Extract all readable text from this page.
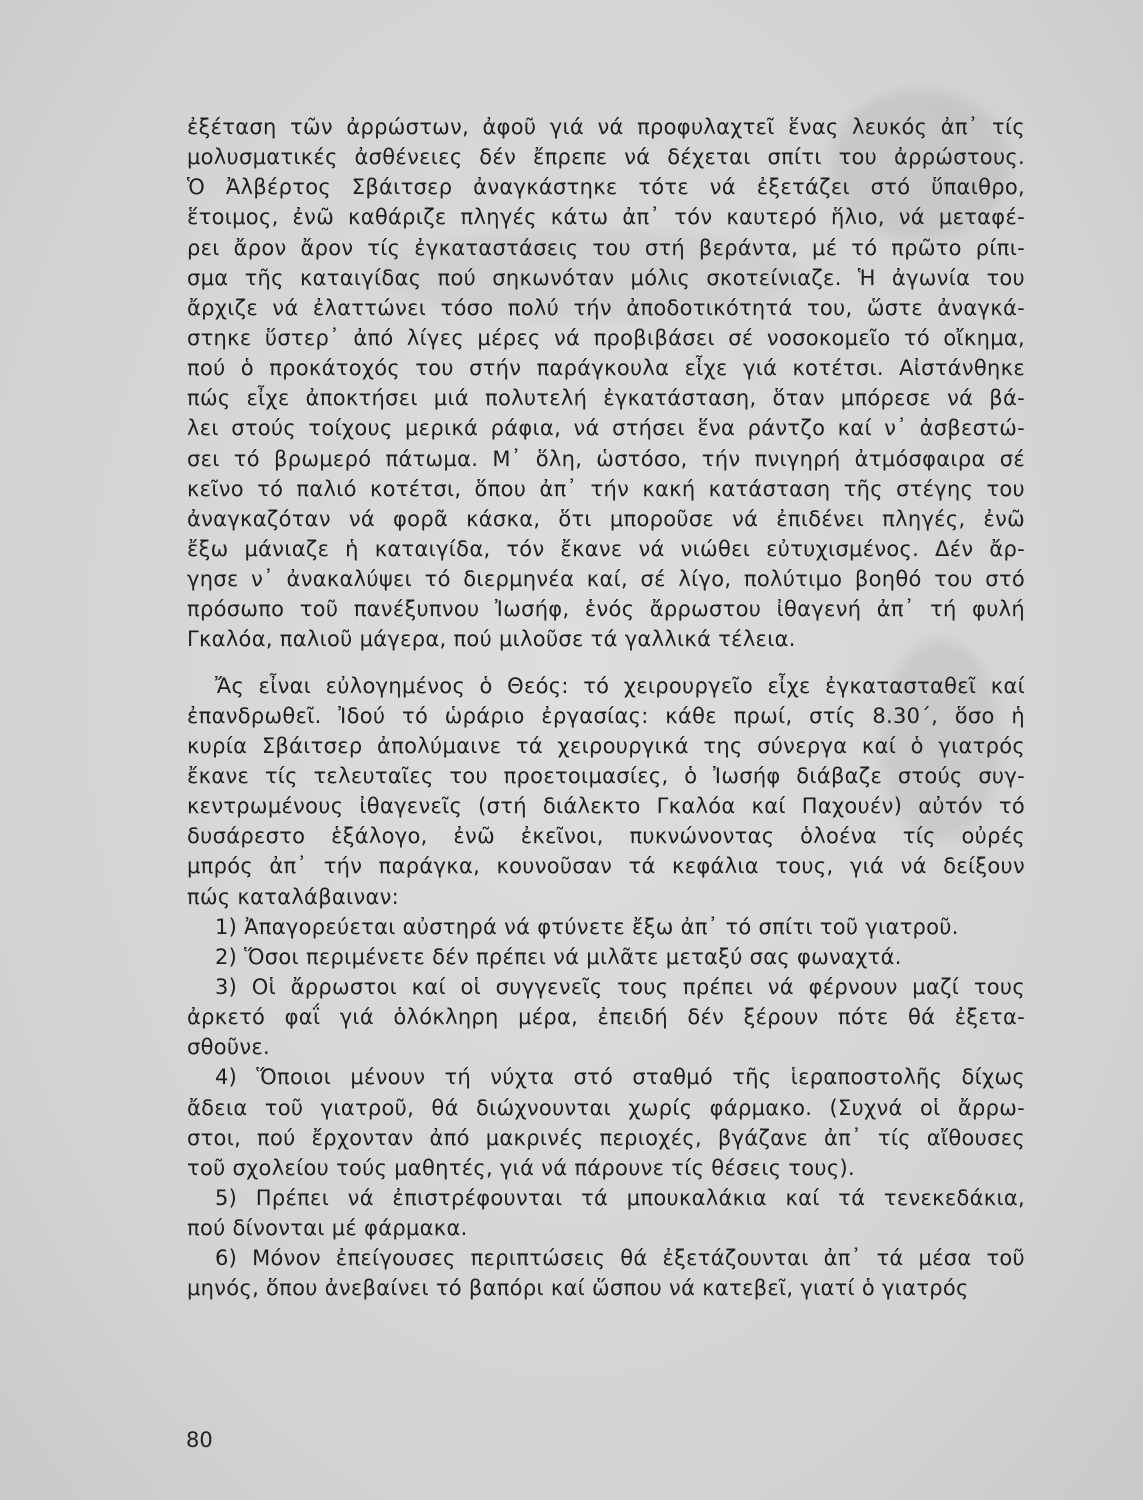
ἐξέταση τῶν ἀρρώστων, ἀφοῦ γιά νά προφυλαχτεῖ ἕνας λευκός ἀπ᾽ τίς
μολυσματικές ἀσθένειες δέν ἔπρεπε νά δέχεται σπίτι του ἀρρώστους.
Ὁ Ἀλβέρτος Σβάιτσερ ἀναγκάστηκε τότε νά ἐξετάζει στό ὕπαιθρο,
ἕτοιμος, ἐνῶ καθάριζε πληγές κάτω ἀπ᾽ τόν καυτερό ἥλιο, νά μεταφέ-
ρει ἄρον ἄρον τίς ἐγκαταστάσεις του στή βεράντα, μέ τό πρῶτο ρίπι-
σμα τῆς καταιγίδας πού σηκωνόταν μόλις σκοτείνιαζε. Ἡ ἀγωνία του
ἄρχιζε νά ἐλαττώνει τόσο πολύ τήν ἀποδοτικότητά του, ὥστε ἀναγκά-
στηκε ὕστερ᾽ ἀπό λίγες μέρες νά προβιβάσει σέ νοσοκομεῖο τό οἴκημα,
πού ὁ προκάτοχός του στήν παράγκουλα εἶχε γιά κοτέτσι. Αἰστάνθηκε
πώς εἶχε ἀποκτήσει μιά πολυτελή ἐγκατάσταση, ὅταν μπόρεσε νά βά-
λει στούς τοίχους μερικά ράφια, νά στήσει ἕνα ράντζο καί ν᾽ ἀσβεστώ-
σει τό βρωμερό πάτωμα. Μ᾽ ὅλη, ὡστόσο, τήν πνιγηρή ἀτμόσφαιρα σέ
κεῖνο τό παλιό κοτέτσι, ὅπου ἀπ᾽ τήν κακή κατάσταση τῆς στέγης του
ἀναγκαζόταν νά φορᾶ κάσκα, ὅτι μποροῦσε νά ἐπιδένει πληγές, ἐνῶ
ἔξω μάνιαζε ἡ καταιγίδα, τόν ἔκανε νά νιώθει εὐτυχισμένος. Δέν ἄρ-
γησε ν᾽ ἀνακαλύψει τό διερμηνέα καί, σέ λίγο, πολύτιμο βοηθό του στό
πρόσωπο τοῦ πανέξυπνου Ἰωσήφ, ἑνός ἄρρωστου ἰθαγενή ἀπ᾽ τή φυλή
Γκαλόα, παλιοῦ μάγερα, πού μιλοῦσε τά γαλλικά τέλεια.
Ἄς εἶναι εὐλογημένος ὁ Θεός: τό χειρουργεῖο εἶχε ἐγκατασταθεῖ καί
ἐπανδρωθεῖ. Ἰδού τό ὡράριο ἐργασίας: κάθε πρωί, στίς 8.30΄, ὅσο ἡ
κυρία Σβάιτσερ ἀπολύμαινε τά χειρουργικά της σύνεργα καί ὁ γιατρός
ἔκανε τίς τελευταῖες του προετοιμασίες, ὁ Ἰωσήφ διάβαζε στούς συγ-
κεντρωμένους ἰθαγενεῖς (στή διάλεκτο Γκαλόα καί Παχουέν) αὐτόν τό
δυσάρεστο ἑξάλογο, ἐνῶ ἐκεῖνοι, πυκνώνοντας ὁλοένα τίς οὐρές
μπρός ἀπ᾽ τήν παράγκα, κουνοῦσαν τά κεφάλια τους, γιά νά δείξουν
πώς καταλάβαιναν:
1) Ἀπαγορεύεται αὐστηρά νά φτύνετε ἔξω ἀπ᾽ τό σπίτι τοῦ γιατροῦ.
2) Ὅσοι περιμένετε δέν πρέπει νά μιλᾶτε μεταξύ σας φωναχτά.
3) Οἱ ἄρρωστοι καί οἱ συγγενεῖς τους πρέπει νά φέρνουν μαζί τους
ἀρκετό φαΐ γιά ὁλόκληρη μέρα, ἐπειδή δέν ξέρουν πότε θά ἐξετα-
σθοῦνε.
4) Ὅποιοι μένουν τή νύχτα στό σταθμό τῆς ἱεραποστολῆς δίχως
ἄδεια τοῦ γιατροῦ, θά διώχνουνται χωρίς φάρμακο. (Συχνά οἱ ἄρρω-
στοι, πού ἔρχονταν ἀπό μακρινές περιοχές, βγάζανε ἀπ᾽ τίς αἴθουσες
τοῦ σχολείου τούς μαθητές, γιά νά πάρουνε τίς θέσεις τους).
5) Πρέπει νά ἐπιστρέφουνται τά μπουκαλάκια καί τά τενεκεδάκια,
πού δίνονται μέ φάρμακα.
6) Μόνον ἐπείγουσες περιπτώσεις θά ἐξετάζουνται ἀπ᾽ τά μέσα τοῦ
μηνός, ὅπου ἀνεβαίνει τό βαπόρι καί ὥσπου νά κατεβεῖ, γιατί ὁ γιατρός
80
